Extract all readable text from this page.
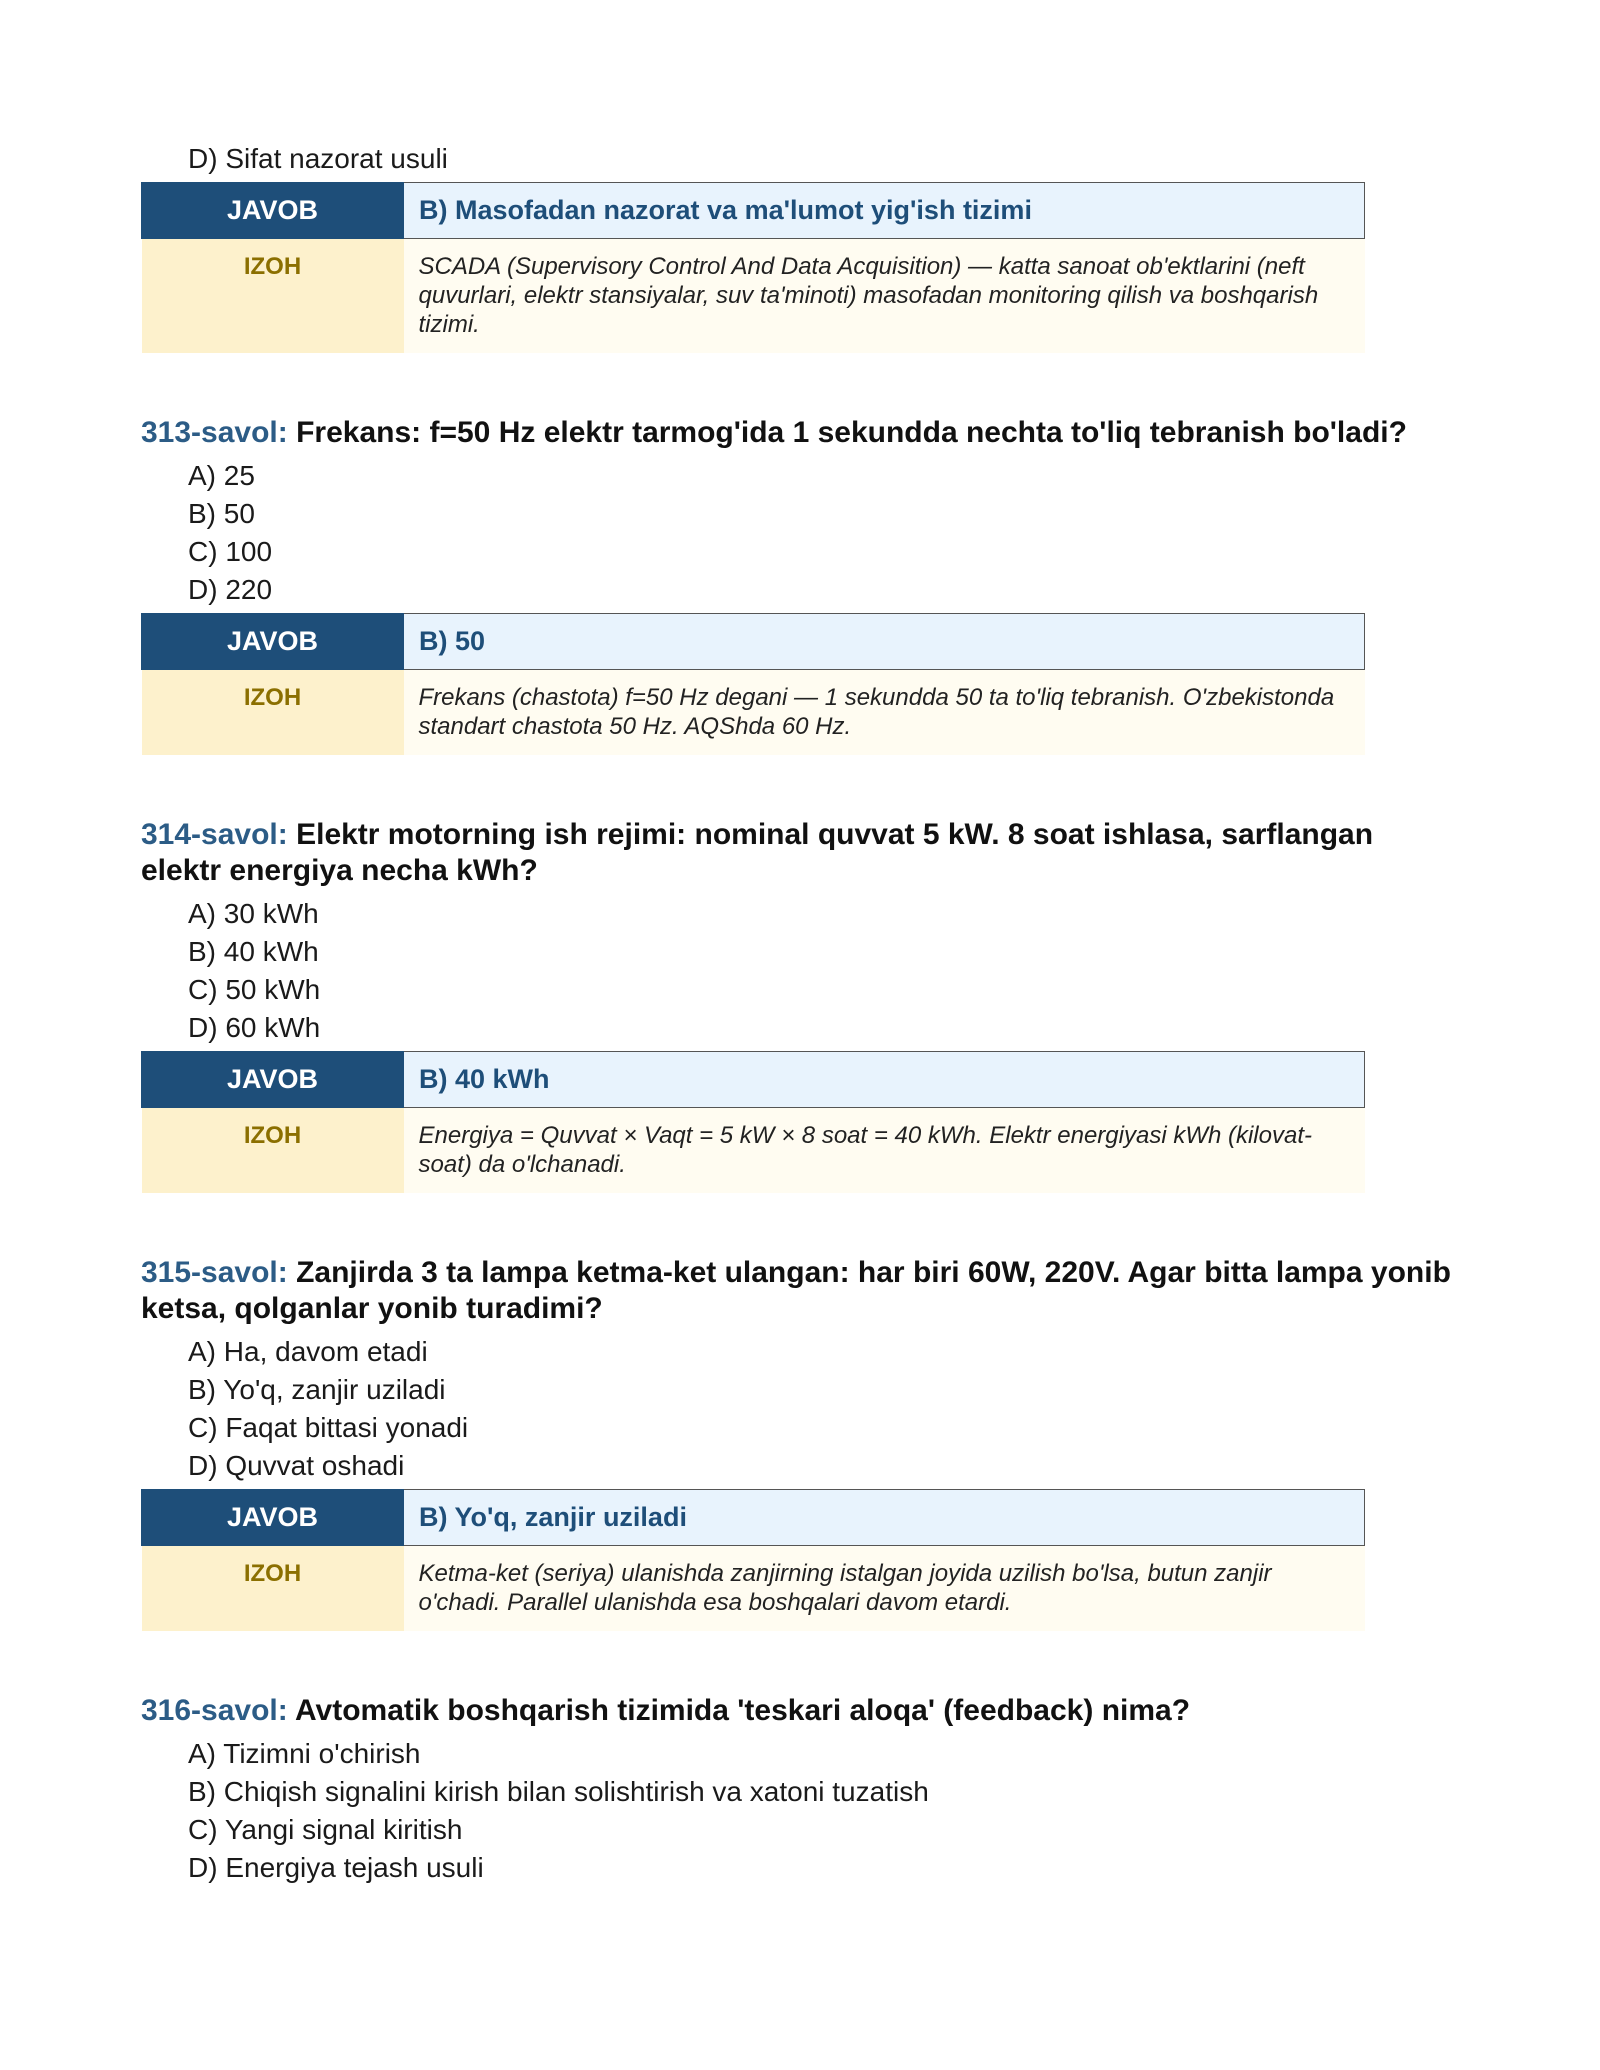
D) Sifat nazorat usuli
JAVOB	B) Masofadan nazorat va ma'lumot yig'ish tizimi
IZOH	SCADA (Supervisory Control And Data Acquisition) — katta sanoat ob'ektlarini (neft quvurlari, elektr stansiyalar, suv ta'minoti) masofadan monitoring qilish va boshqarish tizimi.
313-savol: Frekans: f=50 Hz elektr tarmog'ida 1 sekundda nechta to'liq tebranish bo'ladi?
A) 25
B) 50
C) 100
D) 220
JAVOB	B) 50
IZOH	Frekans (chastota) f=50 Hz degani — 1 sekundda 50 ta to'liq tebranish. O'zbekistonda standart chastota 50 Hz. AQShda 60 Hz.
314-savol: Elektr motorning ish rejimi: nominal quvvat 5 kW. 8 soat ishlasa, sarflangan elektr energiya necha kWh?
A) 30 kWh
B) 40 kWh
C) 50 kWh
D) 60 kWh
JAVOB	B) 40 kWh
IZOH	Energiya = Quvvat × Vaqt = 5 kW × 8 soat = 40 kWh. Elektr energiyasi kWh (kilovat-soat) da o'lchanadi.
315-savol: Zanjirda 3 ta lampa ketma-ket ulangan: har biri 60W, 220V. Agar bitta lampa yonib ketsa, qolganlar yonib turadimi?
A) Ha, davom etadi
B) Yo'q, zanjir uziladi
C) Faqat bittasi yonadi
D) Quvvat oshadi
JAVOB	B) Yo'q, zanjir uziladi
IZOH	Ketma-ket (seriya) ulanishda zanjirning istalgan joyida uzilish bo'lsa, butun zanjir o'chadi. Parallel ulanishda esa boshqalari davom etardi.
316-savol: Avtomatik boshqarish tizimida 'teskari aloqa' (feedback) nima?
A) Tizimni o'chirish
B) Chiqish signalini kirish bilan solishtirish va xatoni tuzatish
C) Yangi signal kiritish
D) Energiya tejash usuli
